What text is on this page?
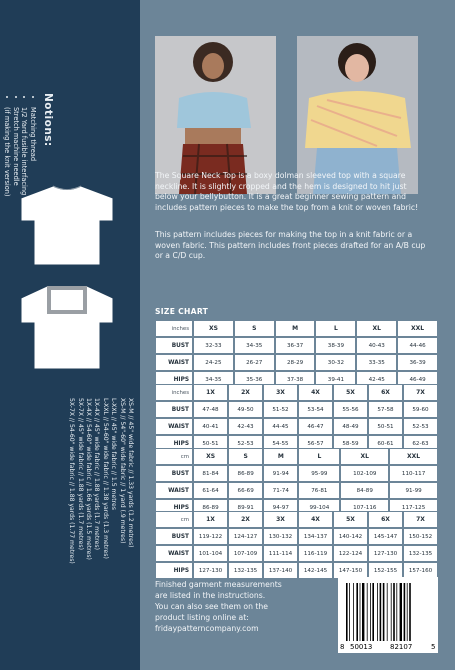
Notions:
• Matching thread
• 1/2 Yard fusible interfacing
• Stretch machine needle
• (if making the knit version)
XS-M // 45" wide fabric // 1.33 yards (1.2 metres)
XS-M // 54"-60" wide fabric // 1 yard (.9 metres)
L-XXL // 45" wide fabric // 1.5 metres
L-XXL // 54-60" wide fabric // 1.38 yards (1.3 metres)
1X-4X // 45" wide fabric // 1.88 yards (1.7 metres)
1X-4X // 54-60" wide fabric // 1.66 yards (1.5 metres)
5X-7X // 45" wide fabric // 1.88 yards (1.7 metres)
5X-7X // 54-60" wide fabric // 1.88 yards (1.77 metres)
The Square Neck Top is a boxy dolman sleeved top with a square neckline. It is slightly cropped and the hem is designed to hit just below your bellybutton. It is a great beginner sewing pattern and includes pattern pieces to make the top from a knit or woven fabric!
This pattern includes pieces for making the top in a knit fabric or a woven fabric. This pattern includes front pieces drafted for an A/B cup or a C/D cup.
SIZE CHART
inches	XS	S	M	L	XL	XXL
BUST	32-33	34-35	36-37	38-39	40-43	44-46
WAIST	24-25	26-27	28-29	30-32	33-35	36-39
HIPS	34-35	35-36	37-38	39-41	42-45	46-49
inches	1X	2X	3X	4X	5X	6X	7X
BUST	47-48	49-50	51-52	53-54	55-56	57-58	59-60
WAIST	40-41	42-43	44-45	46-47	48-49	50-51	52-53
HIPS	50-51	52-53	54-55	56-57	58-59	60-61	62-63
cm	XS	S	M	L	XL	XXL
BUST	81-84	86-89	91-94	95-99	102-109	110-117
WAIST	61-64	66-69	71-74	76-81	84-89	91-99
HIPS	86-89	89-91	94-97	99-104	107-116	117-125
cm	1X	2X	3X	4X	5X	6X	7X
BUST	119-122	124-127	130-132	134-137	140-142	145-147	150-152
WAIST	101-104	107-109	111-114	116-119	122-124	127-130	132-135
HIPS	127-130	132-135	137-140	142-145	147-150	152-155	157-160
Finished garment measurements
are listed in the instructions.
You can also see them on the
product listing online at:
fridaypatterncompany.com
8 50013	82107	5
